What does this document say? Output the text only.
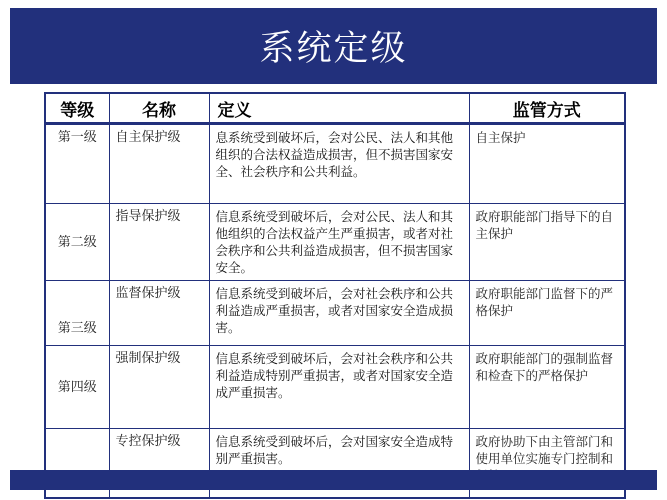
系统定级
等级	名称	定义	监管方式
第一级	自主保护级	息系统受到破坏后，会对公民、法人和其他组织的合法权益造成损害，但不损害国家安全、社会秩序和公共利益。	自主保护
第二级	指导保护级	信息系统受到破坏后，会对公民、法人和其他组织的合法权益产生严重损害，或者对社会秩序和公共利益造成损害，但不损害国家安全。	政府职能部门指导下的自主保护
第三级	监督保护级	信息系统受到破坏后，会对社会秩序和公共利益造成严重损害，或者对国家安全造成损害。	政府职能部门监督下的严格保护
第四级	强制保护级	信息系统受到破坏后，会对社会秩序和公共利益造成特别严重损害，或者对国家安全造成严重损害。	政府职能部门的强制监督和检查下的严格保护
	专控保护级	信息系统受到破坏后，会对国家安全造成特别严重损害。	政府协助下由主管部门和使用单位实施专门控制和
